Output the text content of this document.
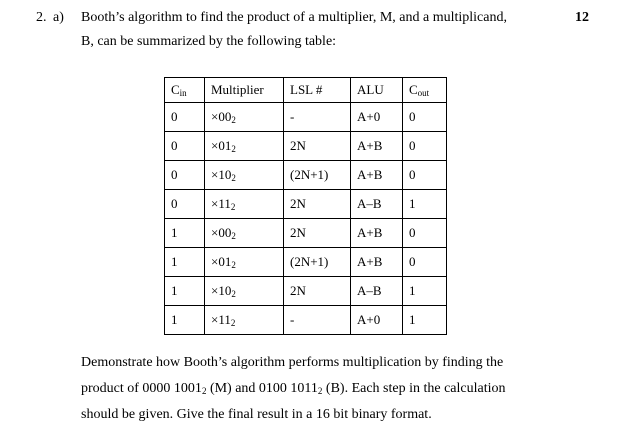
2. a) Booth’s algorithm to find the product of a multiplier, M, and a multiplicand,
B, can be summarized by the following table:
12
$C_{in}$	Multiplier	LSL #	ALU	$C_{out}$
0	$\times 00_2$	-	A+0	0
0	$\times 01_2$	2N	A+B	0
0	$\times 10_2$	(2N+1)	A+B	0
0	$\times 11_2$	2N	A–B	1
1	$\times 00_2$	2N	A+B	0
1	$\times 01_2$	(2N+1)	A+B	0
1	$\times 10_2$	2N	A–B	1
1	$\times 11_2$	-	A+0	1
Demonstrate how Booth’s algorithm performs multiplication by finding the
product of 0000 $1001_2$ (M) and 0100 $1011_2$ (B). Each step in the calculation
should be given. Give the final result in a 16 bit binary format.
